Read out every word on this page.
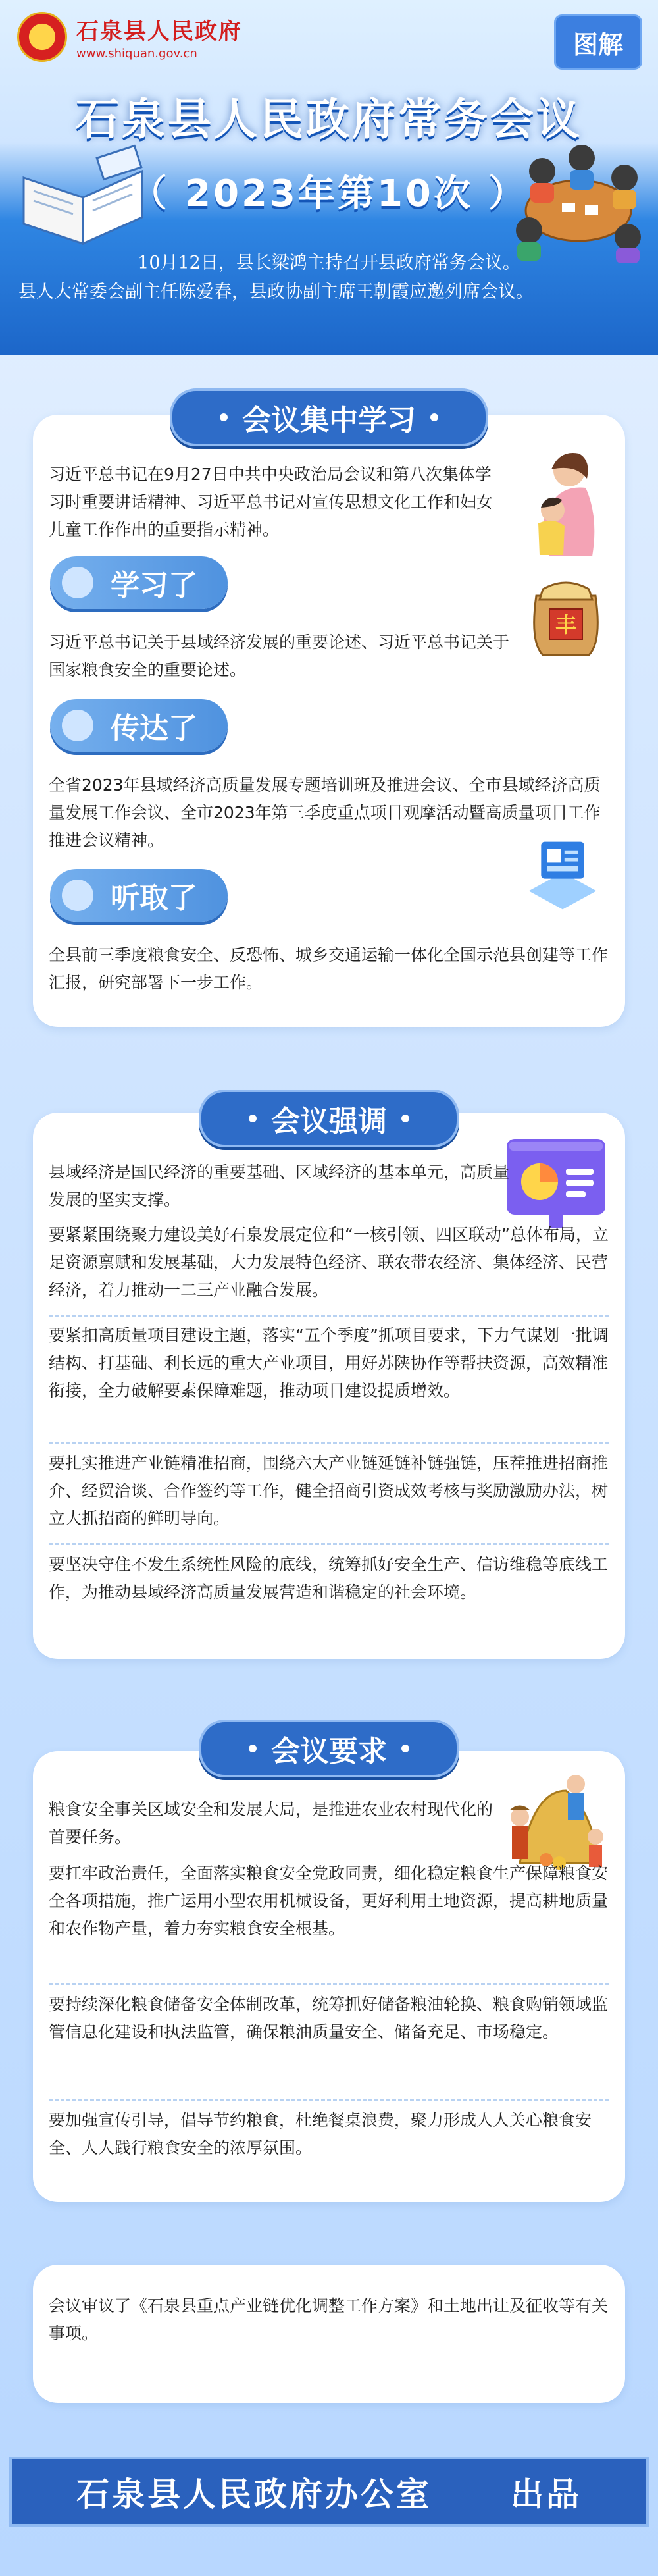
★	石泉县人民政府
www.shiquan.gov.cn	图解
石泉县人民政府常务会议
（ 2023年第10次 ）

10月12日，县长梁鸿主持召开县政府常务会议。

县人大常委会副主任陈爱春，县政协副主席王朝霞应邀列席会议。

习近平总书记在9月27日中共中央政治局会议和第八次集体学习时重要讲话精神、习近平总书记对宣传思想文化工作和妇女儿童工作作出的重要指示精神。
学习了
丰
习近平总书记关于县域经济发展的重要论述、习近平总书记关于国家粮食安全的重要论述。
传达了
全省2023年县域经济高质量发展专题培训班及推进会议、全市县域经济高质量发展工作会议、全市2023年第三季度重点项目观摩活动暨高质量项目工作推进会议精神。
听取了
全县前三季度粮食安全、反恐怖、城乡交通运输一体化全国示范县创建等工作汇报，研究部署下一步工作。
会议集中学习
县域经济是国民经济的重要基础、区域经济的基本单元，高质量发展的坚实支撑。
要紧紧围绕聚力建设美好石泉发展定位和“一核引领、四区联动”总体布局，立足资源禀赋和发展基础，大力发展特色经济、联农带农经济、集体经济、民营经济，着力推动一二三产业融合发展。
要紧扣高质量项目建设主题，落实“五个季度”抓项目要求，下力气谋划一批调结构、打基础、利长远的重大产业项目，用好苏陕协作等帮扶资源，高效精准衔接，全力破解要素保障难题，推动项目建设提质增效。
要扎实推进产业链精准招商，围绕六大产业链延链补链强链，压茬推进招商推介、经贸洽谈、合作签约等工作，健全招商引资成效考核与奖励激励办法，树立大抓招商的鲜明导向。
要坚决守住不发生系统性风险的底线，统筹抓好安全生产、信访维稳等底线工作，为推动县域经济高质量发展营造和谐稳定的社会环境。
会议强调
粮食安全事关区域安全和发展大局，是推进农业农村现代化的首要任务。
要扛牢政治责任，全面落实粮食安全党政同责，细化稳定粮食生产保障粮食安全各项措施，推广运用小型农用机械设备，更好利用土地资源，提高耕地质量和农作物产量，着力夯实粮食安全根基。
要持续深化粮食储备安全体制改革，统筹抓好储备粮油轮换、粮食购销领域监管信息化建设和执法监管，确保粮油质量安全、储备充足、市场稳定。
要加强宣传引导，倡导节约粮食，杜绝餐桌浪费，聚力形成人人关心粮食安全、人人践行粮食安全的浓厚氛围。
会议要求
会议审议了《石泉县重点产业链优化调整工作方案》和土地出让及征收等有关事项。
石泉县人民政府办公室 出品
